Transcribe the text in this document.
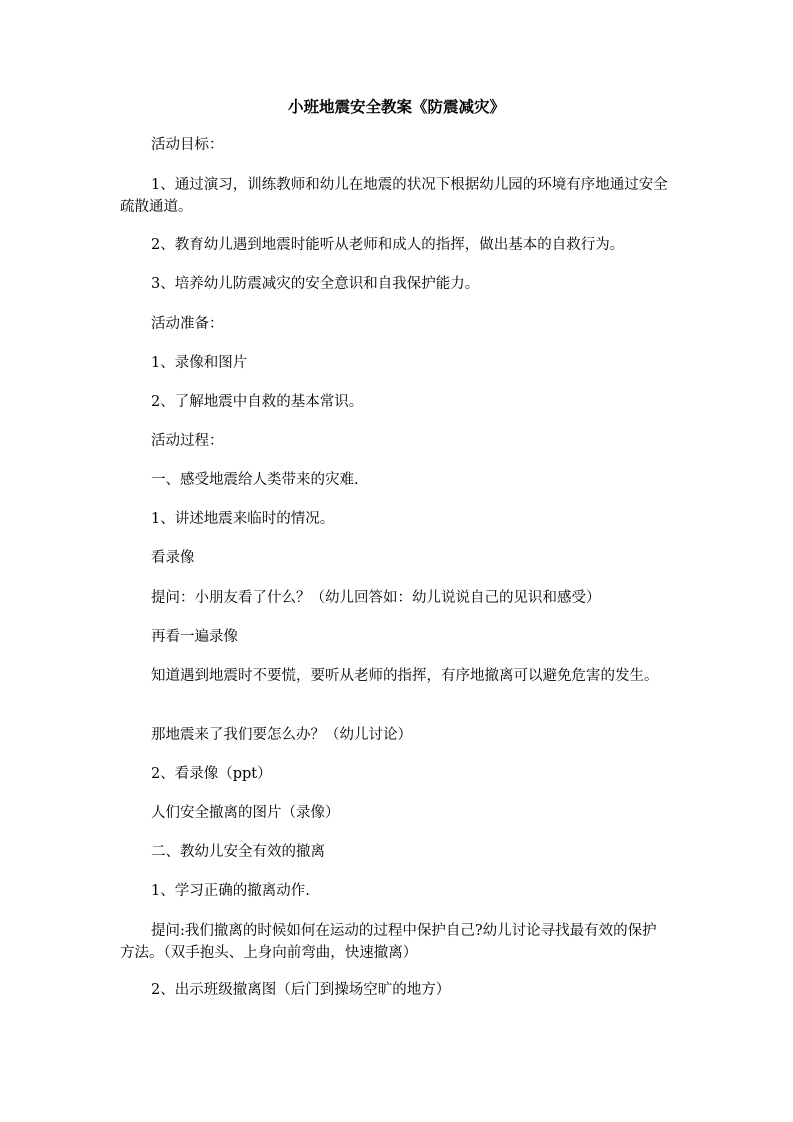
小班地震安全教案《防震减灾》

活动目标：

1、通过演习，训练教师和幼儿在地震的状况下根据幼儿园的环境有序地通过安全疏散通道。

2、教育幼儿遇到地震时能听从老师和成人的指挥，做出基本的自救行为。

3、培养幼儿防震减灾的安全意识和自我保护能力。

活动准备：

1、录像和图片

2、了解地震中自救的基本常识。

活动过程：

一、感受地震给人类带来的灾难.

1、讲述地震来临时的情况。

看录像

提问：小朋友看了什么？（幼儿回答如：幼儿说说自己的见识和感受）

再看一遍录像

知道遇到地震时不要慌，要听从老师的指挥，有序地撤离可以避免危害的发生。

那地震来了我们要怎么办？（幼儿讨论）

2、看录像（ppt）

人们安全撤离的图片（录像）

二、教幼儿安全有效的撤离

1、学习正确的撤离动作.

提问:我们撤离的时候如何在运动的过程中保护自己?幼儿讨论寻找最有效的保护方法。（双手抱头、上身向前弯曲，快速撤离）

2、出示班级撤离图（后门到操场空旷的地方）
